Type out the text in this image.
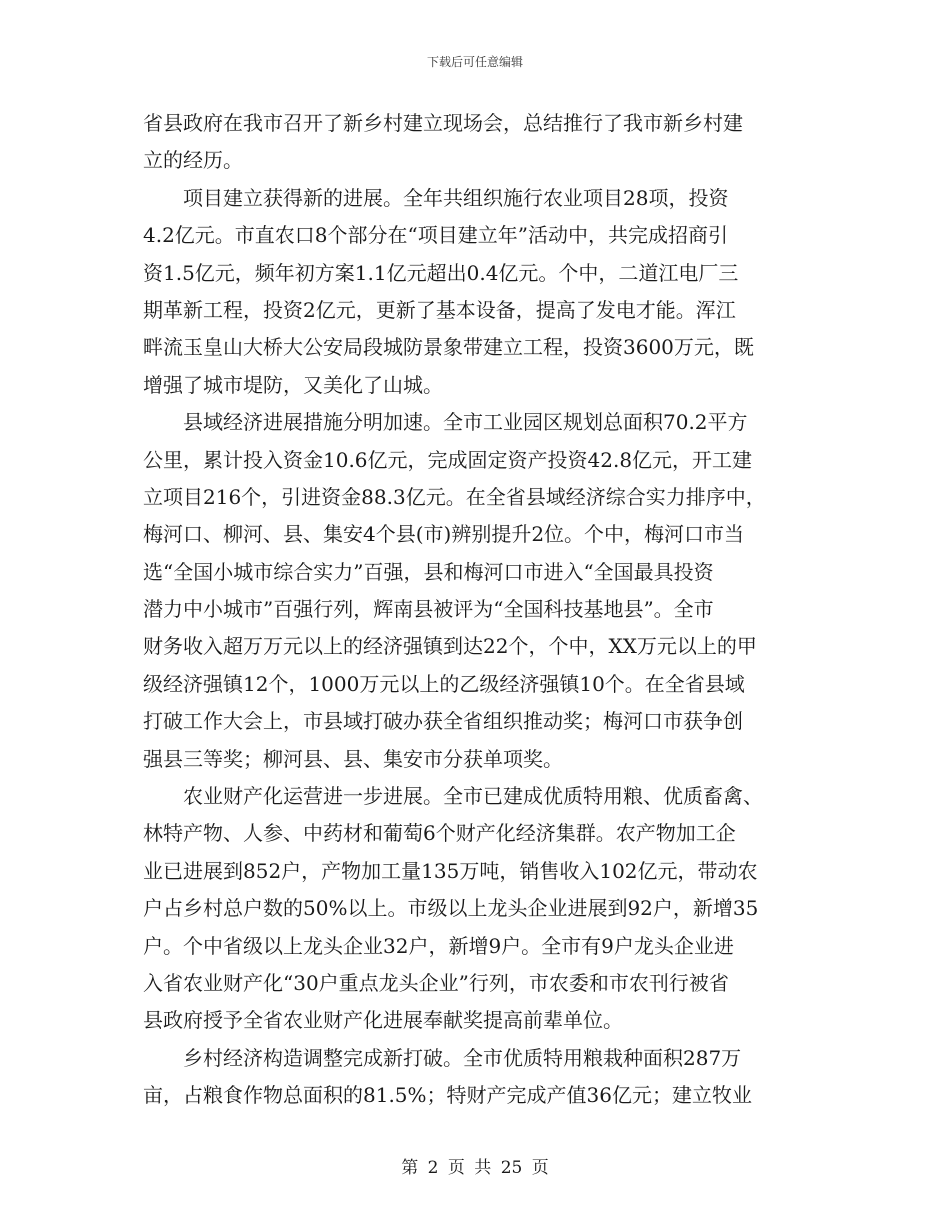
下载后可任意编辑
省县政府在我市召开了新乡村建立现场会，总结推行了我市新乡村建
立的经历。
项目建立获得新的进展。全年共组织施行农业项目28项，投资
4.2亿元。市直农口8个部分在“项目建立年”活动中，共完成招商引
资1.5亿元，频年初方案1.1亿元超出0.4亿元。个中，二道江电厂三
期革新工程，投资2亿元，更新了基本设备，提高了发电才能。浑江
畔流玉皇山大桥大公安局段城防景象带建立工程，投资3600万元，既
增强了城市堤防，又美化了山城。
县域经济进展措施分明加速。全市工业园区规划总面积70.2平方
公里，累计投入资金10.6亿元，完成固定资产投资42.8亿元，开工建
立项目216个，引进资金88.3亿元。在全省县域经济综合实力排序中，
梅河口、柳河、县、集安4个县(市)辨别提升2位。个中，梅河口市当
选“全国小城市综合实力”百强，县和梅河口市进入“全国最具投资
潜力中小城市”百强行列，辉南县被评为“全国科技基地县”。全市
财务收入超万万元以上的经济强镇到达22个，个中，XX万元以上的甲
级经济强镇12个，1000万元以上的乙级经济强镇10个。在全省县域
打破工作大会上，市县域打破办获全省组织推动奖；梅河口市获争创
强县三等奖；柳河县、县、集安市分获单项奖。
农业财产化运营进一步进展。全市已建成优质特用粮、优质畜禽、
林特产物、人参、中药材和葡萄6个财产化经济集群。农产物加工企
业已进展到852户，产物加工量135万吨，销售收入102亿元，带动农
户占乡村总户数的50%以上。市级以上龙头企业进展到92户，新增35
户。个中省级以上龙头企业32户，新增9户。全市有9户龙头企业进
入省农业财产化“30户重点龙头企业”行列，市农委和市农刊行被省
县政府授予全省农业财产化进展奉献奖提高前辈单位。
乡村经济构造调整完成新打破。全市优质特用粮栽种面积287万
亩，占粮食作物总面积的81.5%；特财产完成产值36亿元；建立牧业
第 2 页 共 25 页
